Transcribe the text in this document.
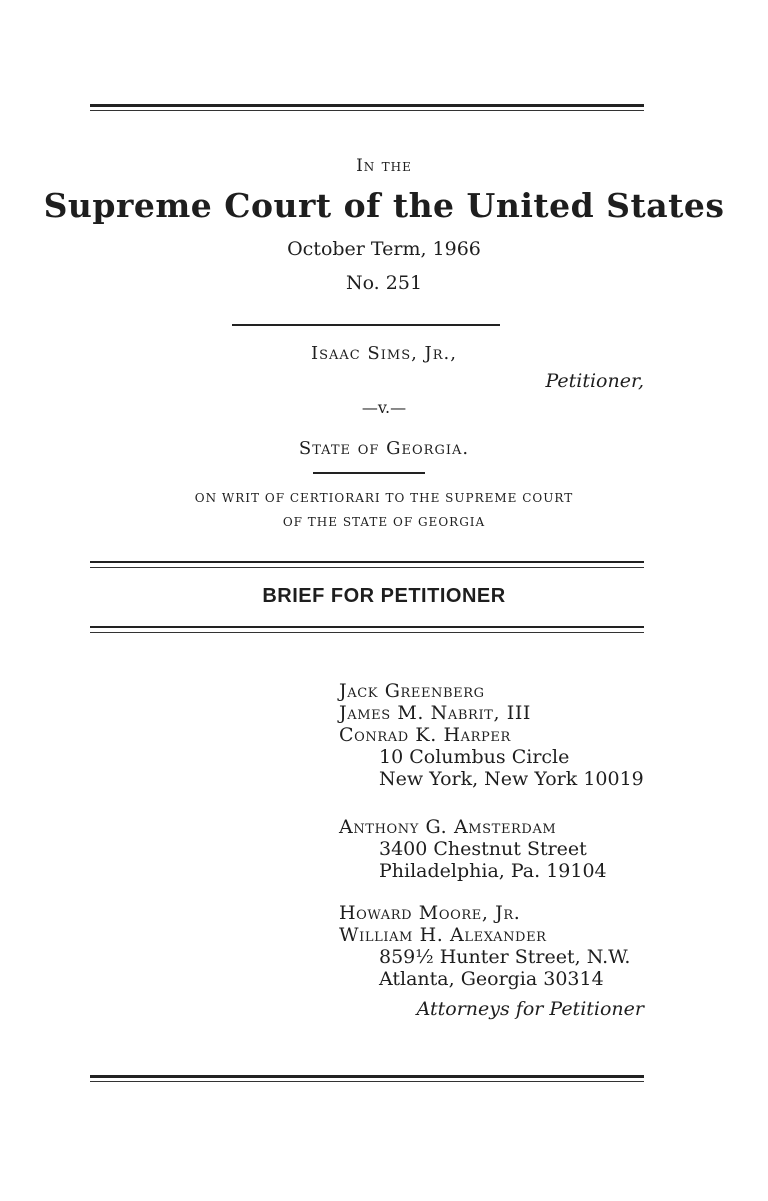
In the
Supreme Court of the United States
October Term, 1966
No. 251
Isaac Sims, Jr.,
Petitioner,
—v.—
State of Georgia.
ON WRIT OF CERTIORARI TO THE SUPREME COURT
OF THE STATE OF GEORGIA
BRIEF FOR PETITIONER
Jack Greenberg
James M. Nabrit, III
Conrad K. Harper
10 Columbus Circle
New York, New York 10019
Anthony G. Amsterdam
3400 Chestnut Street
Philadelphia, Pa. 19104
Howard Moore, Jr.
William H. Alexander
859½ Hunter Street, N.W.
Atlanta, Georgia 30314
Attorneys for Petitioner
